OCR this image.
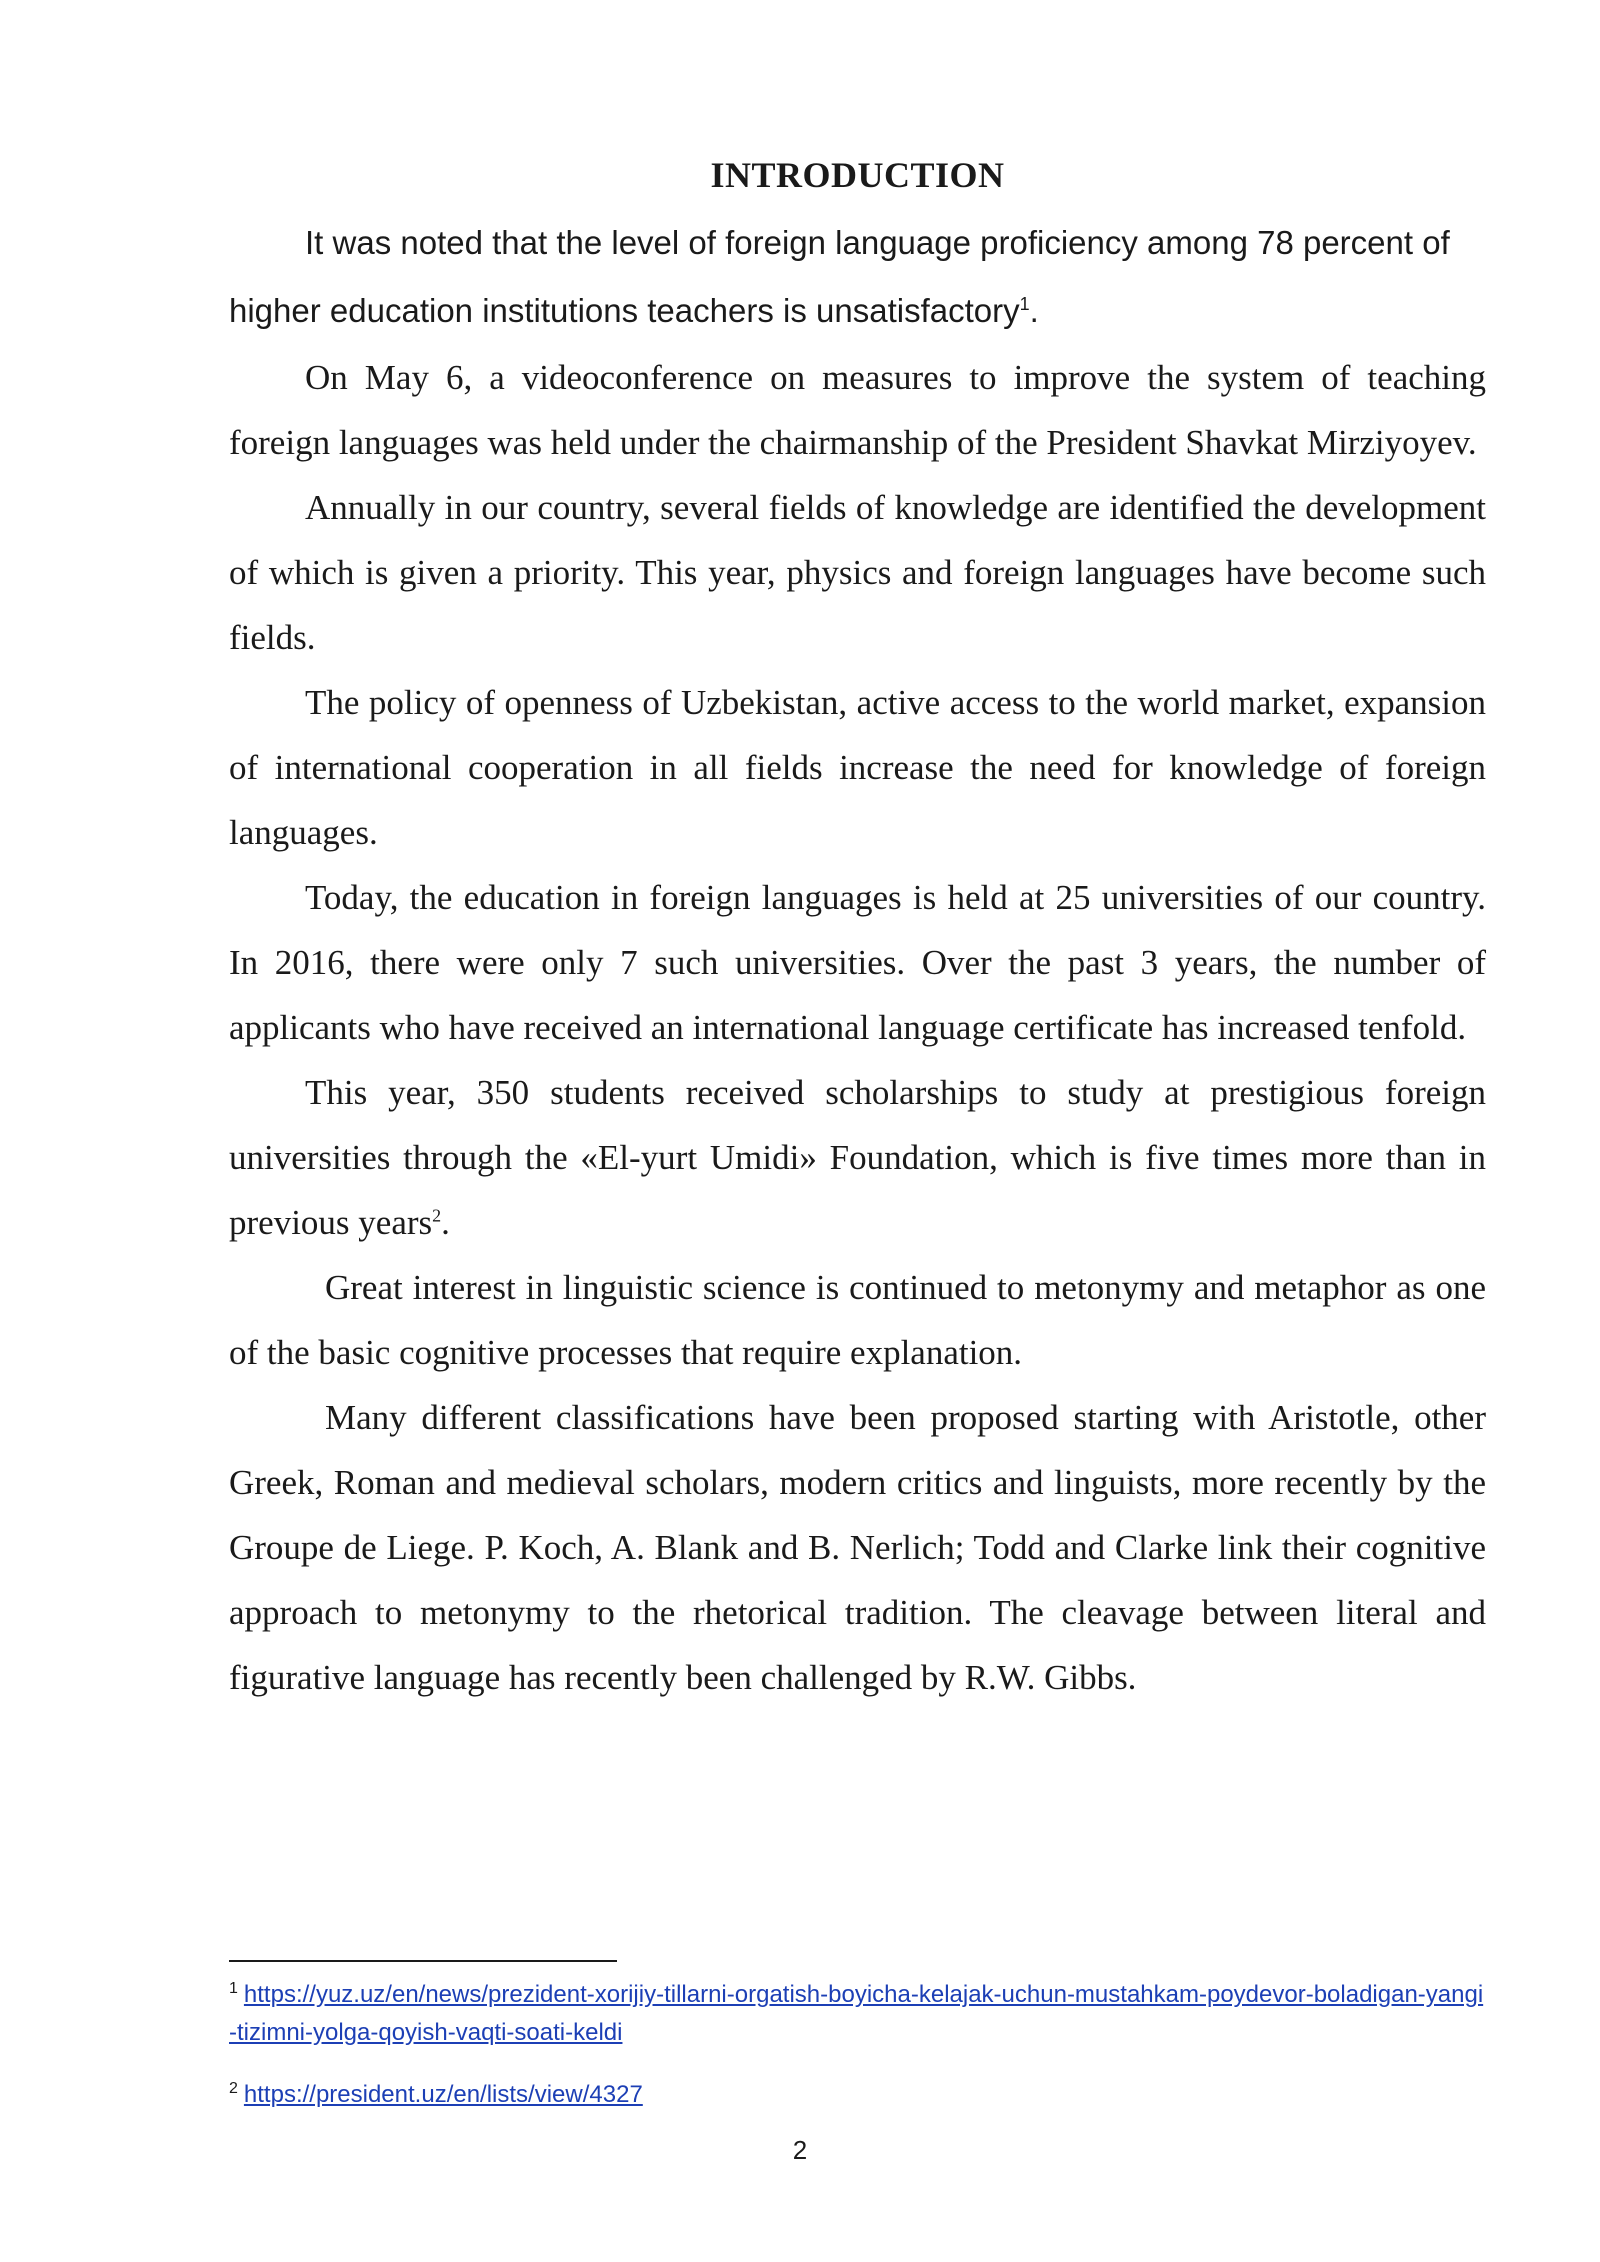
INTRODUCTION

It was noted that the level of foreign language proficiency among 78 percent of higher education institutions teachers is unsatisfactory$^1$.

On May 6, a videoconference on measures to improve the system of teaching foreign languages was held under the chairmanship of the President Shavkat Mirziyoyev.

Annually in our country, several fields of knowledge are identified the development of which is given a priority. This year, physics and foreign languages have become such fields.

The policy of openness of Uzbekistan, active access to the world market, expansion of international cooperation in all fields increase the need for knowledge of foreign languages.

Today, the education in foreign languages is held at 25 universities of our country. In 2016, there were only 7 such universities. Over the past 3 years, the number of applicants who have received an international language certificate has increased tenfold.

This year, 350 students received scholarships to study at prestigious foreign universities through the «El-yurt Umidi» Foundation, which is five times more than in previous years$^2$.

Great interest in linguistic science is continued to metonymy and metaphor as one of the basic cognitive processes that require explanation.

Many different classifications have been proposed starting with Aristotle, other Greek, Roman and medieval scholars, modern critics and linguists, more recently by the Groupe de Liege. P. Koch, A. Blank and B. Nerlich; Todd and Clarke link their cognitive approach to metonymy to the rhetorical tradition. The cleavage between literal and figurative language has recently been challenged by R.W. Gibbs.

$^1$ https://yuz.uz/en/news/prezident-xorijiy-tillarni-orgatish-boyicha-kelajak-uchun-mustahkam-poydevor-boladigan-yangi-tizimni-yolga-qoyish-vaqti-soati-keldi
$^2$ https://president.uz/en/lists/view/4327
2
